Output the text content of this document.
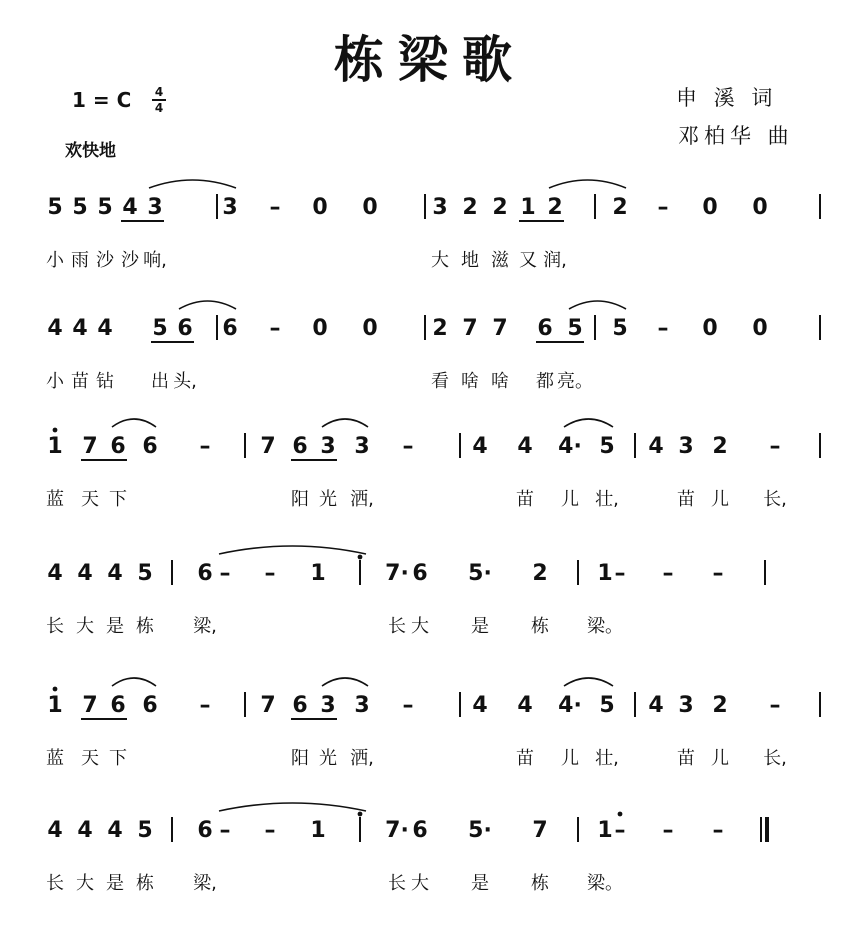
栋梁歌
1 = C 4
4
欢快地
申 溪 词
邓柏华 曲
5 5 5 4 3	3 – 0 0 3 2 2 1 2 2 – 0 0
小 雨 沙 沙 响,	大 地 滋 又 润,
4 4 4 5 6 6 – 0 0 2 7 7 6 5 5 – 0 0
小 苗 钻 出 头,	看 啥 啥 都 亮。
1 7 6 6 – 7 6 3 3 –	4 4 4· 5 4 3 2 –
蓝 天 下	阳 光 洒,	苗 儿 壮,	苗 儿 长,
4 4 4 5 6 – – 1	7· 6 5· 2 1 – – –
长 大 是 栋 梁,	长 大 是 栋 梁。
1 7 6 6 – 7 6 3 3 –	4 4 4· 5 4 3 2 –
蓝 天 下	阳 光 洒,	苗 儿 壮,	苗 儿 长,
4 4 4 5 6 – – 1	7· 6 5· 7 1 – – –
长 大 是 栋 梁,	长 大 是 栋 梁。
